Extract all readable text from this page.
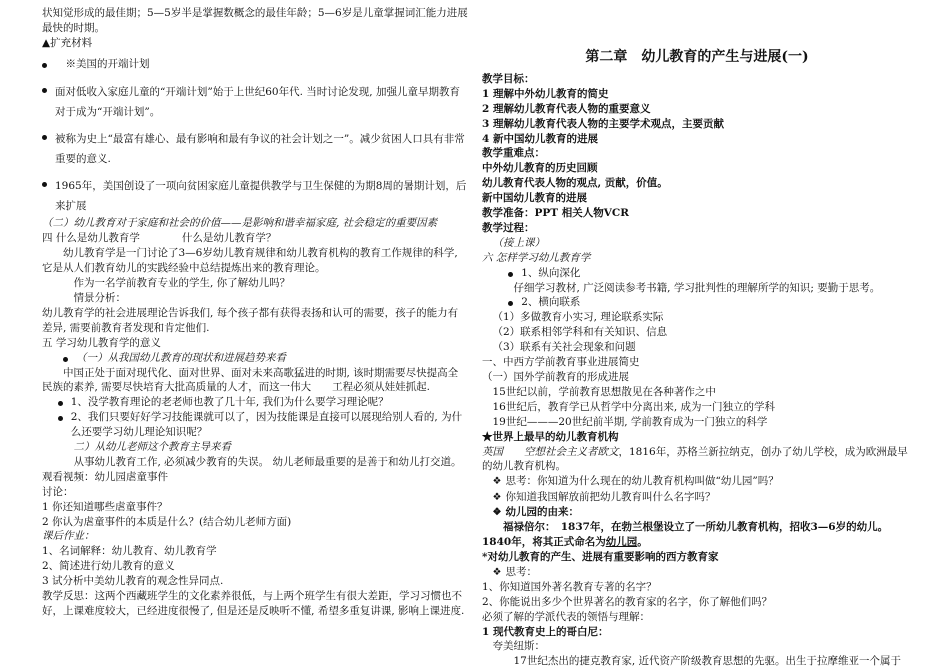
状知觉形成的最佳期；5—5岁半是掌握数概念的最佳年龄；5—6岁是儿童掌握词汇能力进展最快的时期。

▲扩充材料

※美国的开端计划

面对低收入家庭儿童的“开端计划”始于上世纪60年代. 当时讨论发现, 加强儿童早期教育对于成为“开端计划”。

被称为史上“最富有雄心、最有影响和最有争议的社会计划之一”。减少贫困人口具有非常重要的意义.

1965年，美国创设了一项向贫困家庭儿童提供教学与卫生保健的为期8周的暑期计划，后来扩展

（二）幼儿教育对于家庭和社会的价值——是影响和谐幸福家庭, 社会稳定的重要因素

四 什么是幼儿教育学　　　　什么是幼儿教育学？

幼儿教育学是一门讨论了3—6岁幼儿教育规律和幼儿教育机构的教育工作规律的科学, 它是从人们教育幼儿的实践经验中总结提炼出来的教育理论。

作为一名学前教育专业的学生, 你了解幼儿吗？

情景分析：

幼儿教育学的社会进展理论告诉我们, 每个孩子都有获得表扬和认可的需要，孩子的能力有差异, 需要前教育者发现和肯定他们.

五 学习幼儿教育学的意义

（一）从我国幼儿教育的现状和进展趋势来看

中国正处于面对现代化、面对世界、面对未来高歌猛进的时期, 该时期需要尽快提高全民族的素养, 需要尽快培育大批高质量的人才，而这一伟大　　工程必须从娃娃抓起.

1、没学教育理论的老老师也教了几十年, 我们为什么要学习理论呢？

2、我们只要好好学习技能课就可以了，因为技能课是直接可以展现给别人看的, 为什么还要学习幼儿理论知识呢？

二）从幼儿老师这个教育主导来看

从事幼儿教育工作, 必须减少教育的失误。 幼儿老师最重要的是善于和幼儿打交道。

观看视频：幼儿园虐童事件

讨论：

1 你还知道哪些虐童事件？

2 你认为虐童事件的本质是什么？(结合幼儿老师方面)

课后作业：

1、名词解释：幼儿教育、幼儿教育学

2、简述进行幼儿教育的意义

3 试分析中美幼儿教育的观念性异同点.

教学反思：这两个西藏班学生的文化素养很低，与上两个班学生有很大差距，学习习惯也不好，上课难度较大，已经进度很慢了, 但是还是反映听不懂, 希望多重复讲课, 影响上课进度.

第二章　幼儿教育的产生与进展(一)

教学目标：

1 理解中外幼儿教育的简史

2 理解幼儿教育代表人物的重要意义

3 理解幼儿教育代表人物的主要学术观点，主要贡献

4 新中国幼儿教育的进展

教学重难点：

中外幼儿教育的历史回顾

幼儿教育代表人物的观点, 贡献，价值。

新中国幼儿教育的进展

教学准备：PPT 相关人物VCR

教学过程：

（接上课）

六 怎样学习幼儿教育学

1、纵向深化

仔细学习教材, 广泛阅读参考书籍, 学习批判性的理解所学的知识; 要勤于思考。

2、横向联系

（1）多做教育小实习, 理论联系实际

（2）联系相邻学科和有关知识、信息

（3）联系有关社会现象和问题

一、中西方学前教育事业进展简史

（一）国外学前教育的形成进展

15世纪以前，学前教育思想散见在各种著作之中

16世纪后，教育学已从哲学中分离出来, 成为一门独立的学科

19世纪———20世纪前半期, 学前教育成为一门独立的科学

★世界上最早的幼儿教育机构

英国　　空想社会主义者欧文，1816年，苏格兰新拉纳克，创办了幼儿学校，成为欧洲最早的幼儿教育机构。

❖ 思考：你知道为什么现在的幼儿教育机构叫做“幼儿园”吗？

❖ 你知道我国解放前把幼儿教育叫什么名字吗？

❖ 幼儿园的由来：

福禄倍尔：　1837年，在勃兰根堡设立了一所幼儿教育机构，招收3—6岁的幼儿。 1840年，将其正式命名为幼儿园。

*对幼儿教育的产生、进展有重要影响的西方教育家

❖ 思考：

1、你知道国外著名教育专著的名字？

2、你能说出多少个世界著名的教育家的名字，你了解他们吗？

必须了解的学派代表的领悟与理解：

1 现代教育史上的哥白尼：

夸美纽斯：

17世纪杰出的捷克教育家, 近代资产阶级教育思想的先驱。出生于拉摩维亚一个属于
